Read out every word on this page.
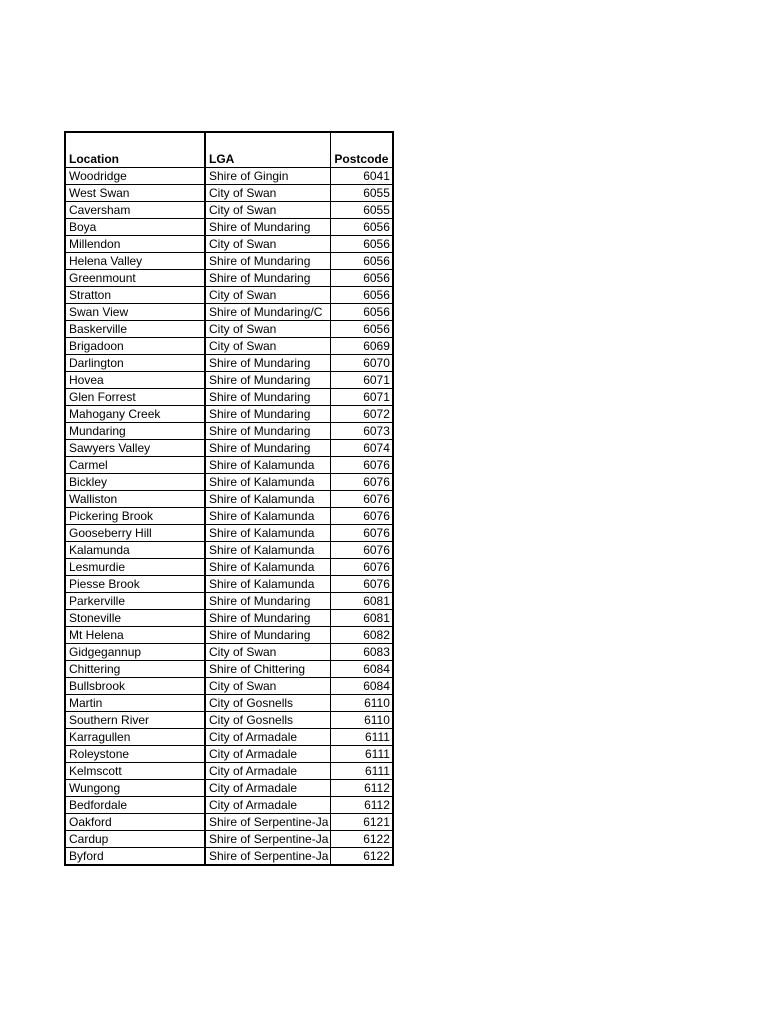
Location	LGA	Postcode
Woodridge	Shire of Gingin	6041
West Swan	City of Swan	6055
Caversham	City of Swan	6055
Boya	Shire of Mundaring	6056
Millendon	City of Swan	6056
Helena Valley	Shire of Mundaring	6056
Greenmount	Shire of Mundaring	6056
Stratton	City of Swan	6056
Swan View	Shire of Mundaring/C	6056
Baskerville	City of Swan	6056
Brigadoon	City of Swan	6069
Darlington	Shire of Mundaring	6070
Hovea	Shire of Mundaring	6071
Glen Forrest	Shire of Mundaring	6071
Mahogany Creek	Shire of Mundaring	6072
Mundaring	Shire of Mundaring	6073
Sawyers Valley	Shire of Mundaring	6074
Carmel	Shire of Kalamunda	6076
Bickley	Shire of Kalamunda	6076
Walliston	Shire of Kalamunda	6076
Pickering Brook	Shire of Kalamunda	6076
Gooseberry Hill	Shire of Kalamunda	6076
Kalamunda	Shire of Kalamunda	6076
Lesmurdie	Shire of Kalamunda	6076
Piesse Brook	Shire of Kalamunda	6076
Parkerville	Shire of Mundaring	6081
Stoneville	Shire of Mundaring	6081
Mt Helena	Shire of Mundaring	6082
Gidgegannup	City of Swan	6083
Chittering	Shire of Chittering	6084
Bullsbrook	City of Swan	6084
Martin	City of Gosnells	6110
Southern River	City of Gosnells	6110
Karragullen	City of Armadale	6111
Roleystone	City of Armadale	6111
Kelmscott	City of Armadale	6111
Wungong	City of Armadale	6112
Bedfordale	City of Armadale	6112
Oakford	Shire of Serpentine-Ja	6121
Cardup	Shire of Serpentine-Ja	6122
Byford	Shire of Serpentine-Ja	6122
